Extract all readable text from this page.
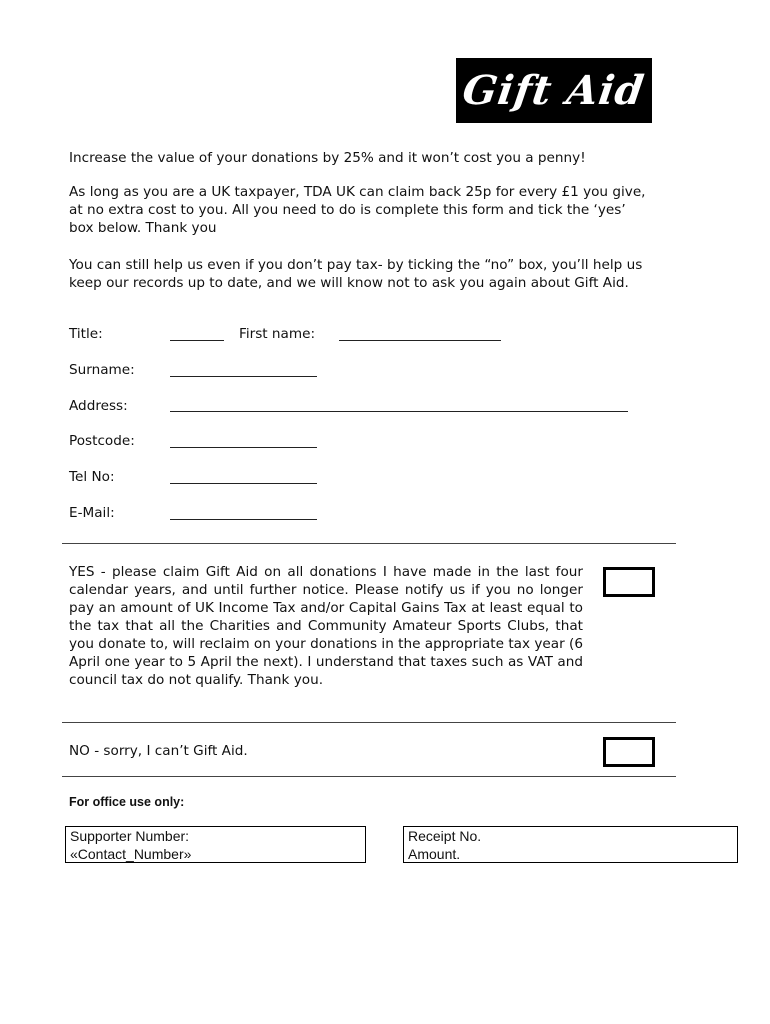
Gift Aid

Increase the value of your donations by 25% and it won’t cost you a penny!

As long as you are a UK taxpayer, TDA UK can claim back 25p for every £1 you give, at no extra cost to you. All you need to do is complete this form and tick the ‘yes’ box below. Thank you

You can still help us even if you don’t pay tax- by ticking the “no” box, you’ll help us keep our records up to date, and we will know not to ask you again about Gift Aid.

Title:	First name:
Surname:
Address:
Postcode:
Tel No:
E-Mail:

YES - please claim Gift Aid on all donations I have made in the last four calendar years, and until further notice. Please notify us if you no longer pay an amount of UK Income Tax and/or Capital Gains Tax at least equal to the tax that all the Charities and Community Amateur Sports Clubs, that you donate to, will reclaim on your donations in the appropriate tax year (6 April one year to 5 April the next). I understand that taxes such as VAT and council tax do not qualify. Thank you.

NO - sorry, I can’t Gift Aid.

For office use only:
Supporter Number:
«Contact_Number»
Receipt No.
Amount.
